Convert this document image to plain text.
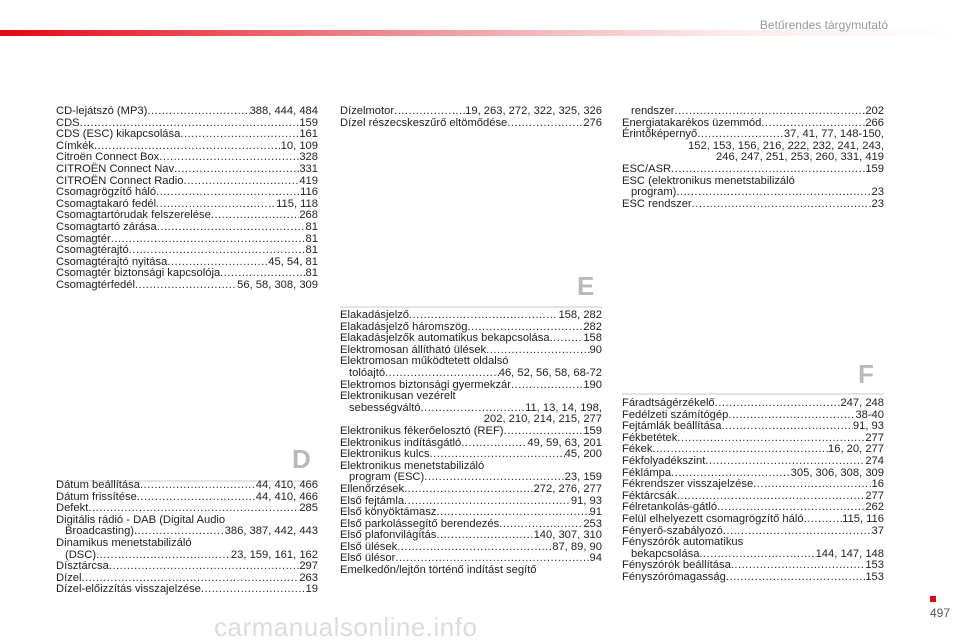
Betűrendes tárgymutató
CD-lejátszó (MP3) .....	388, 444, 484
CDS .....	159
CDS (ESC) kikapcsolása .....	161
Címkék .....	10, 109
Citroën Connect Box .....	328
CITROËN Connect Nav .....	331
CITROËN Connect Radio .....	419
Csomagrögzítő háló .....	116
Csomagtakaró fedél .....	115, 118
Csomagtartórudak felszerelése .....	268
Csomagtartó zárása .....	81
Csomagtér .....	81
Csomagtérajtó .....	81
Csomagtérajtó nyitása .....	45, 54, 81
Csomagtér biztonsági kapcsolója .....	81
Csomagtérfedél .....	56, 58, 308, 309
D
Dátum beállítása .....	44, 410, 466
Dátum frissítése .....	44, 410, 466
Defekt .....	285
Digitális rádió - DAB (Digital Audio
Broadcasting) .....	386, 387, 442, 443
Dinamikus menetstabilizáló
(DSC) .....	23, 159, 161, 162
Dísztárcsa .....	297
Dízel .....	263
Dízel-előizzítás visszajelzése .....	19
Dízelmotor .....	19, 263, 272, 322, 325, 326
Dízel részecskeszűrő eltömődése .....	276
E
Elakadásjelző .....	158, 282
Elakadásjelző háromszög .....	282
Elakadásjelzők automatikus bekapcsolása .....	158
Elektromosan állítható ülések .....	90
Elektromosan működtetett oldalsó
tolóajtó .....	46, 52, 56, 58, 68-72
Elektromos biztonsági gyermekzár .....	190
Elektronikusan vezérelt
sebességváltó .....	11, 13, 14, 198,
202, 210, 214, 215, 277
Elektronikus fékerőelosztó (REF) .....	159
Elektronikus indításgátló .....	49, 59, 63, 201
Elektronikus kulcs .....	45, 200
Elektronikus menetstabilizáló
program (ESC) .....	23, 159
Ellenőrzések .....	272, 276, 277
Első fejtámla .....	91, 93
Első könyöktámasz .....	91
Első parkolássegítő berendezés .....	253
Első plafonvilágítás .....	140, 307, 310
Első ülések .....	87, 89, 90
Első ülésor .....	94
Emelkedőn/lejtőn történő indítást segítő
rendszer .....	202
Energiatakarékos üzemmód .....	266
Érintőképernyő .....	37, 41, 77, 148-150,
152, 153, 156, 216, 222, 232, 241, 243,
246, 247, 251, 253, 260, 331, 419
ESC/ASR .....	159
ESC (elektronikus menetstabilizáló
program) .....	23
ESC rendszer .....	23
F
Fáradtságérzékelő .....	247, 248
Fedélzeti számítógép .....	38-40
Fejtámlák beállítása .....	91, 93
Fékbetétek .....	277
Fékek .....	16, 20, 277
Fékfolyadékszint .....	274
Féklámpa .....	305, 306, 308, 309
Fékrendszer visszajelzése .....	16
Féktárcsák .....	277
Félretankolás-gátló .....	262
Felül elhelyezett csomagrögzítő háló .....	115, 116
Fényerő-szabályozó .....	37
Fényszórók automatikus
bekapcsolása .....	144, 147, 148
Fényszórók beállítása .....	153
Fényszórómagasság .....	153
497
carmanualsonline.info
